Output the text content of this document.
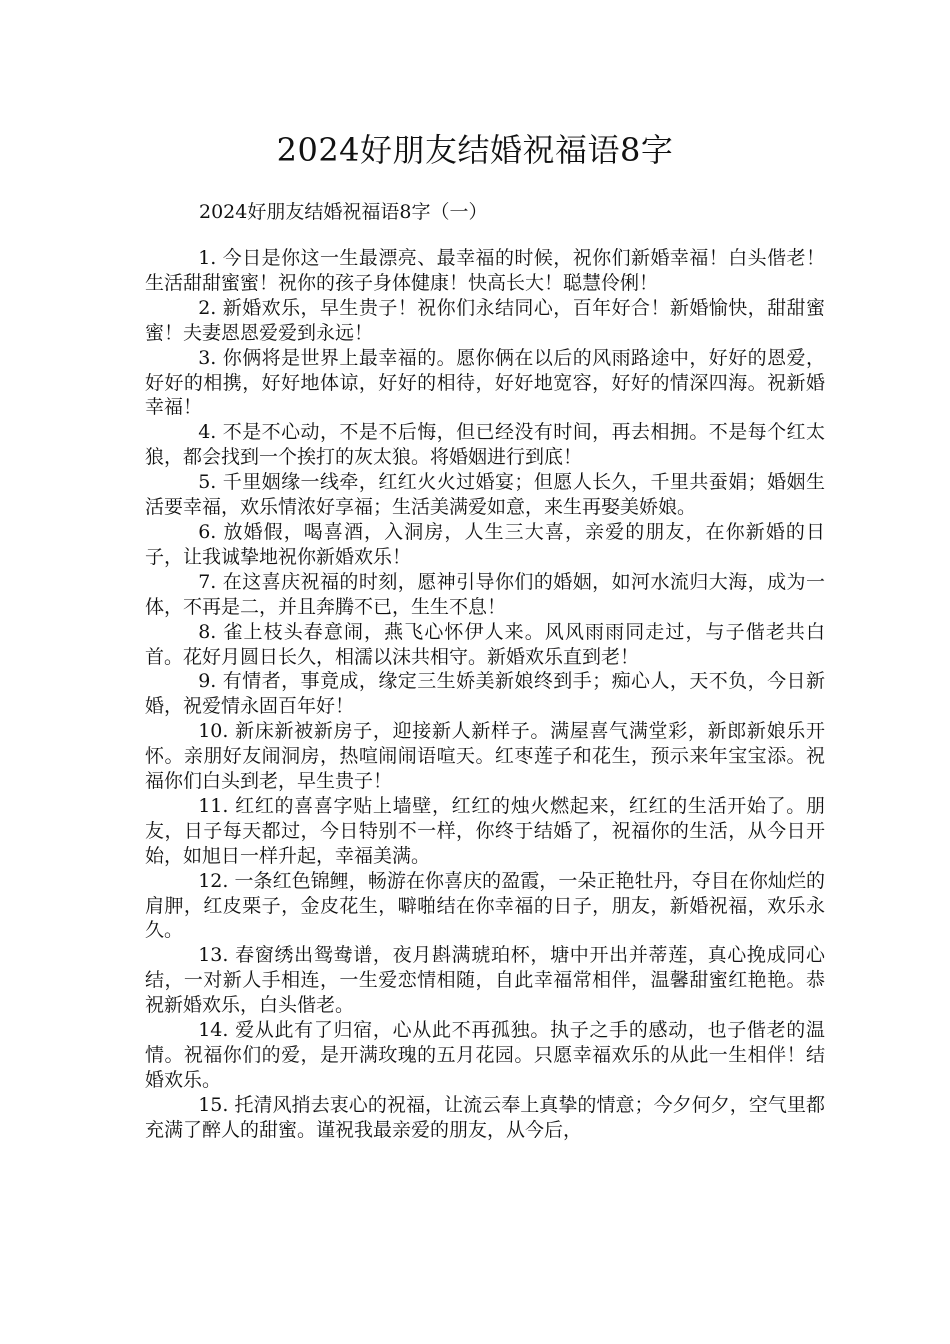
2024好朋友结婚祝福语8字
2024好朋友结婚祝福语8字（一）

1. 今日是你这一生最漂亮、最幸福的时候，祝你们新婚幸福！白头偕老！生活甜甜蜜蜜！祝你的孩子身体健康！快高长大！聪慧伶俐！

2. 新婚欢乐，早生贵子！祝你们永结同心，百年好合！新婚愉快，甜甜蜜蜜！夫妻恩恩爱爱到永远！

3. 你俩将是世界上最幸福的。愿你俩在以后的风雨路途中，好好的恩爱，好好的相携，好好地体谅，好好的相待，好好地宽容，好好的情深四海。祝新婚幸福！

4. 不是不心动，不是不后悔，但已经没有时间，再去相拥。不是每个红太狼，都会找到一个挨打的灰太狼。将婚姻进行到底！

5. 千里姻缘一线牵，红红火火过婚宴；但愿人长久，千里共蚕娟；婚姻生活要幸福，欢乐情浓好享福；生活美满爱如意，来生再娶美娇娘。

6. 放婚假，喝喜酒，入洞房，人生三大喜，亲爱的朋友，在你新婚的日子，让我诚挚地祝你新婚欢乐！

7. 在这喜庆祝福的时刻，愿神引导你们的婚姻，如河水流归大海，成为一体，不再是二，并且奔腾不已，生生不息！

8. 雀上枝头春意闹，燕飞心怀伊人来。风风雨雨同走过，与子偕老共白首。花好月圆日长久，相濡以沫共相守。新婚欢乐直到老！

9. 有情者，事竟成，缘定三生娇美新娘终到手；痴心人，天不负，今日新婚，祝爱情永固百年好！

10. 新床新被新房子，迎接新人新样子。满屋喜气满堂彩，新郎新娘乐开怀。亲朋好友闹洞房，热喧闹闹语喧天。红枣莲子和花生，预示来年宝宝添。祝福你们白头到老，早生贵子！

11. 红红的喜喜字贴上墙壁，红红的烛火燃起来，红红的生活开始了。朋友，日子每天都过，今日特别不一样，你终于结婚了，祝福你的生活，从今日开始，如旭日一样升起，幸福美满。

12. 一条红色锦鲤，畅游在你喜庆的盈霞，一朵正艳牡丹，夺目在你灿烂的肩胛，红皮栗子，金皮花生，噼啪结在你幸福的日子，朋友，新婚祝福，欢乐永久。

13. 春窗绣出鸳鸯谱，夜月斟满琥珀杯，塘中开出并蒂莲，真心挽成同心结，一对新人手相连，一生爱恋情相随，自此幸福常相伴，温馨甜蜜红艳艳。恭祝新婚欢乐，白头偕老。

14. 爱从此有了归宿，心从此不再孤独。执子之手的感动，也子偕老的温情。祝福你们的爱，是开满玫瑰的五月花园。只愿幸福欢乐的从此一生相伴！结婚欢乐。

15. 托清风捎去衷心的祝福，让流云奉上真挚的情意；今夕何夕，空气里都充满了醉人的甜蜜。谨祝我最亲爱的朋友，从今后，
